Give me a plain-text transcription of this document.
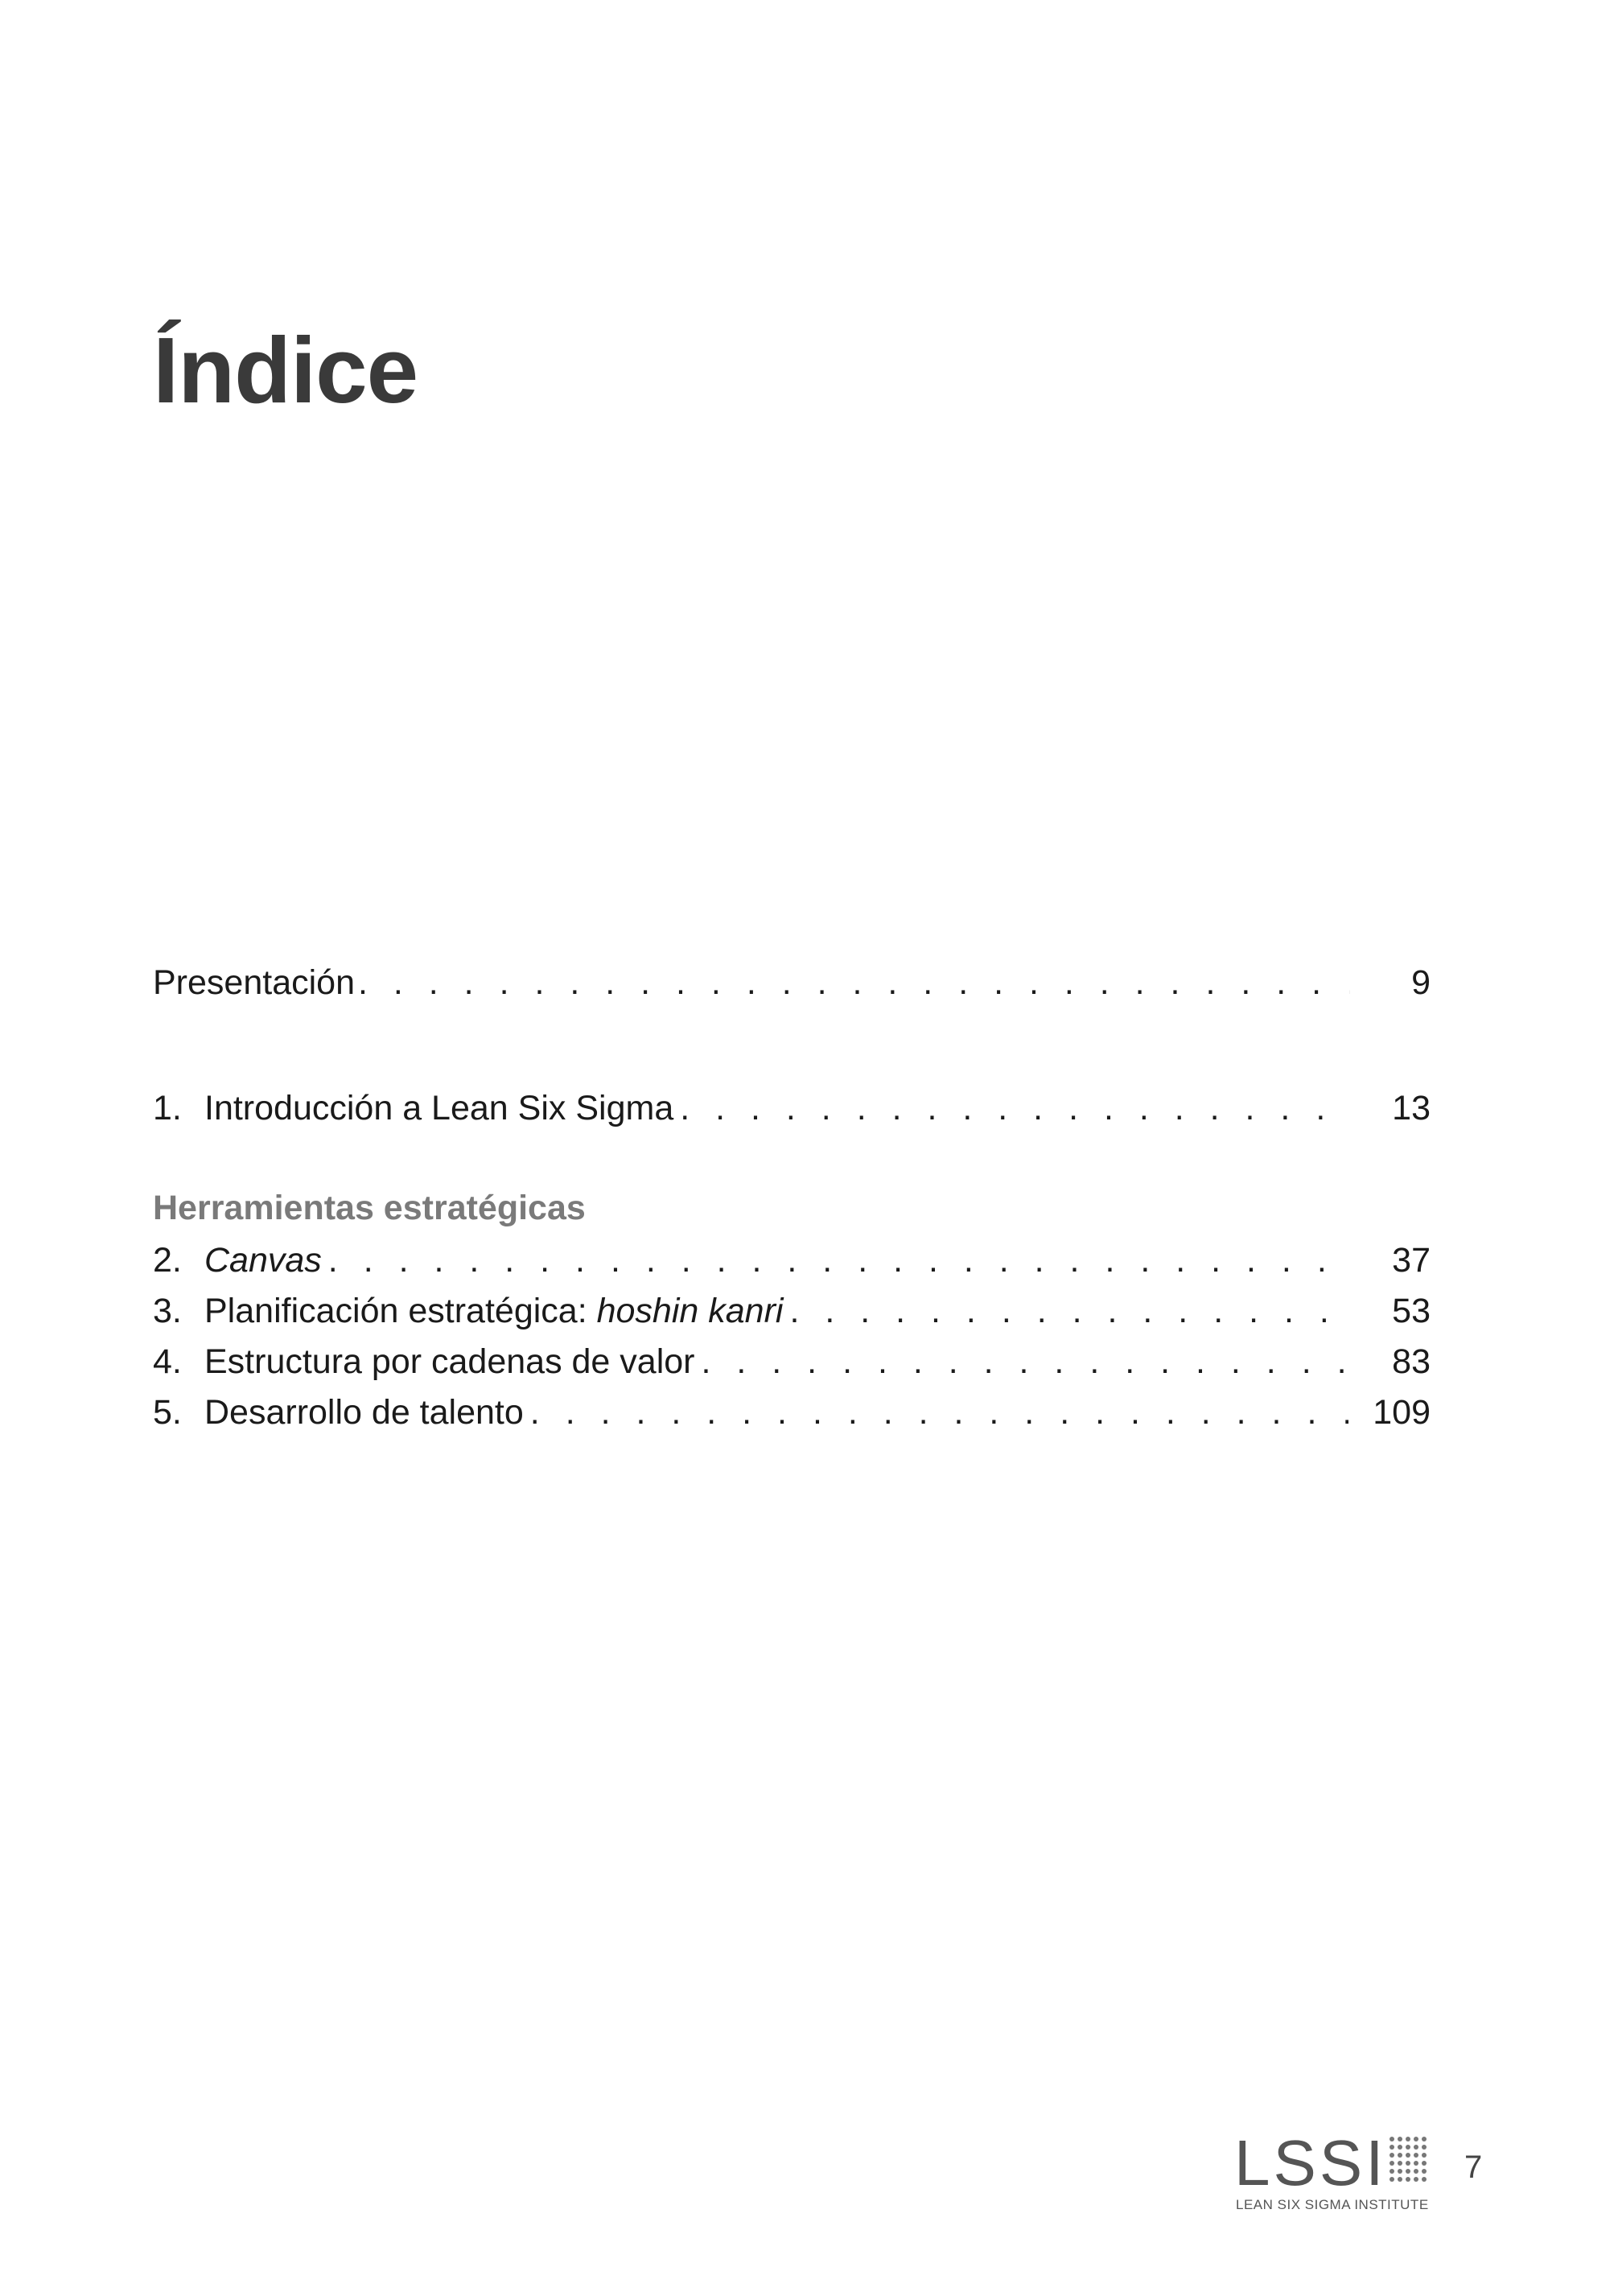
Índice
Presentación . . .	9
1. Introducción a Lean Six Sigma . . .	13
Herramientas estratégicas
2. Canvas . . .	37
3. Planificación estratégica: hoshin kanri . . .	53
4. Estructura por cadenas de valor . . .	83
5. Desarrollo de talento . . .	109
LSSI
LEAN SIX SIGMA INSTITUTE
7
